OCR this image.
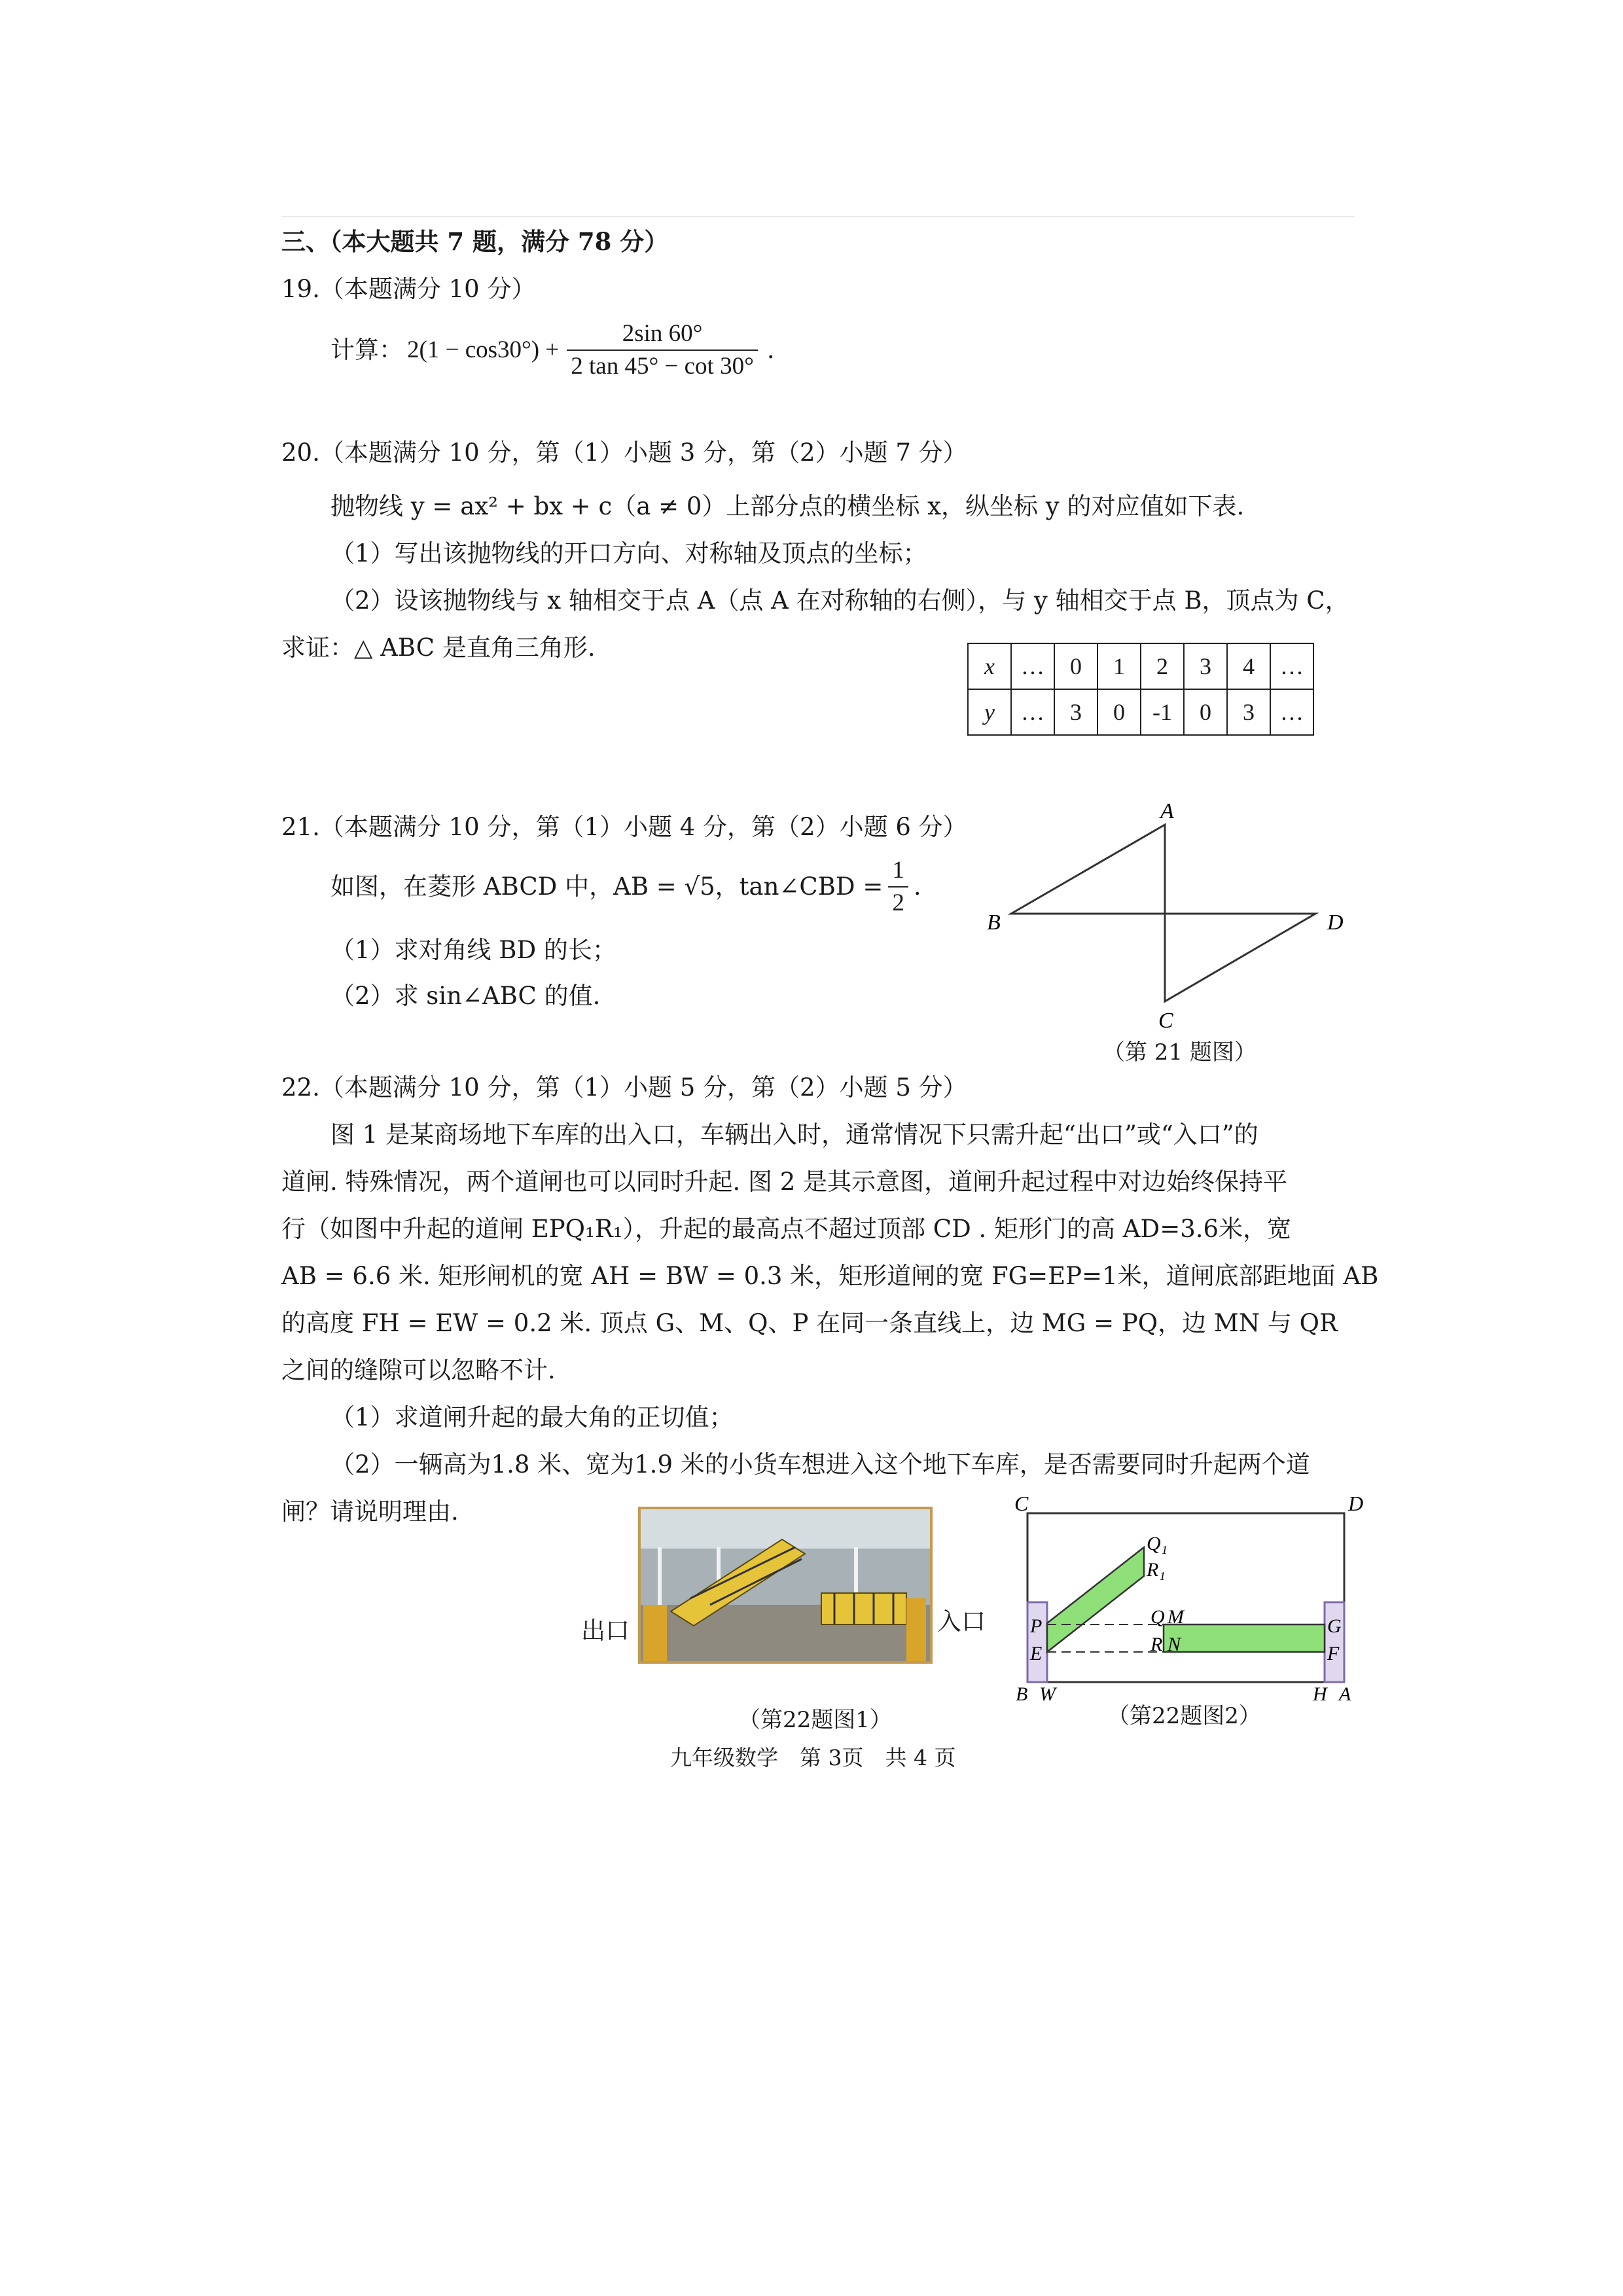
三、（本大题共 7 题，满分 78 分）
19.（本题满分 10 分）
计算： $2(1 - \cos 30^\circ) + \frac{2\sin 60^\circ}{2 \tan 45^\circ - \cot 30^\circ}$ .
20.（本题满分 10 分，第（1）小题 3 分，第（2）小题 7 分）
抛物线 y = ax² + bx + c（a ≠ 0）上部分点的横坐标 x，纵坐标 y 的对应值如下表.
（1）写出该抛物线的开口方向、对称轴及顶点的坐标；
（2）设该抛物线与 x 轴相交于点 A（点 A 在对称轴的右侧），与 y 轴相交于点 B，顶点为 C，
求证：△ ABC 是直角三角形.
x	…	0	1	2	3	4	…
y	…	3	0	-1	0	3	…
21.（本题满分 10 分，第（1）小题 4 分，第（2）小题 6 分）
如图，在菱形 ABCD 中，AB = √5，tan∠CBD = $\frac{1}{2}$ .
（1）求对角线 BD 的长；
（2）求 sin∠ABC 的值.
A
B
C
D
（第 21 题图）
22.（本题满分 10 分，第（1）小题 5 分，第（2）小题 5 分）
图 1 是某商场地下车库的出入口，车辆出入时，通常情况下只需升起“出口”或“入口”的
道闸. 特殊情况，两个道闸也可以同时升起. 图 2 是其示意图，道闸升起过程中对边始终保持平
行（如图中升起的道闸 EPQ₁R₁），升起的最高点不超过顶部 CD . 矩形门的高 AD=3.6米，宽
AB = 6.6 米. 矩形闸机的宽 AH = BW = 0.3 米，矩形道闸的宽 FG=EP=1米，道闸底部距地面 AB
的高度 FH = EW = 0.2 米. 顶点 G、M、Q、P 在同一条直线上，边 MG = PQ，边 MN 与 QR
之间的缝隙可以忽略不计.
（1）求道闸升起的最大角的正切值；
（2）一辆高为1.8 米、宽为1.9 米的小货车想进入这个地下车库，是否需要同时升起两个道
闸？请说明理由.
出口	入口
（第22题图1）
C	D
Q₁
R₁
Q M
R N
P
E
G
F
B W	H A
（第22题图2）
九年级数学　第 3页　共 4 页
